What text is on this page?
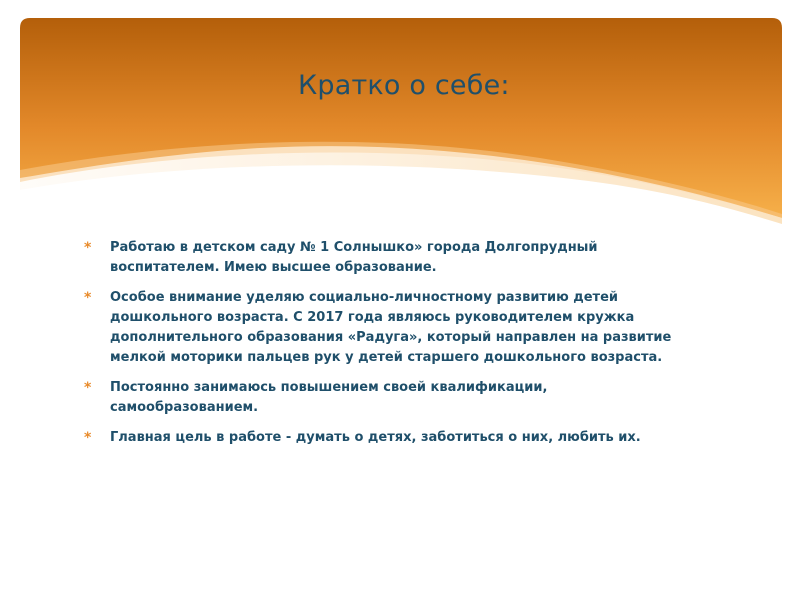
Кратко о себе:
* Работаю в детском саду № 1 Солнышко» города Долгопрудный воспитателем. Имею высшее образование.
* Особое внимание уделяю социально-личностному развитию детей дошкольного возраста. С 2017 года являюсь руководителем кружка дополнительного образования «Радуга», который направлен на развитие мелкой моторики пальцев рук у детей старшего дошкольного возраста.
* Постоянно занимаюсь повышением своей квалификации, самообразованием.
* Главная цель в работе - думать о детях, заботиться о них, любить их.
